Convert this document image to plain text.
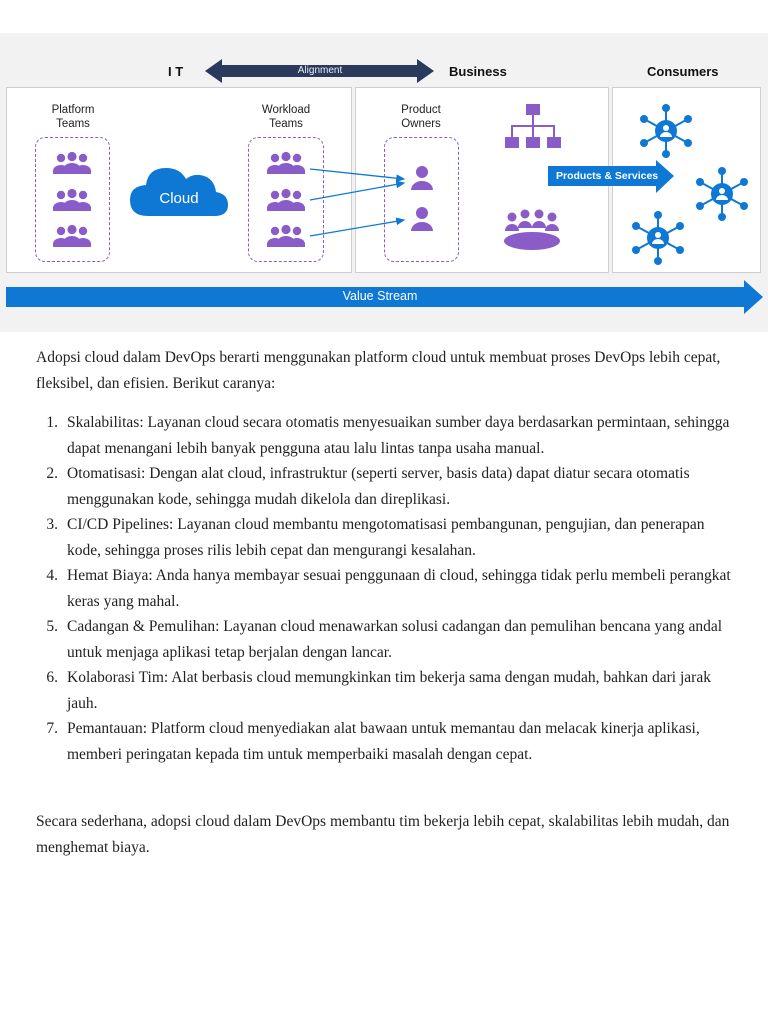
I T	Business	Consumers
Platform
Teams
Workload
Teams
Product
Owners
Cloud
Alignment
Products & Services
Value Stream

Adopsi cloud dalam DevOps berarti menggunakan platform cloud untuk membuat proses DevOps lebih cepat, fleksibel, dan efisien. Berikut caranya:

1. Skalabilitas: Layanan cloud secara otomatis menyesuaikan sumber daya berdasarkan permintaan, sehingga dapat menangani lebih banyak pengguna atau lalu lintas tanpa usaha manual.
2. Otomatisasi: Dengan alat cloud, infrastruktur (seperti server, basis data) dapat diatur secara otomatis menggunakan kode, sehingga mudah dikelola dan direplikasi.
3. CI/CD Pipelines: Layanan cloud membantu mengotomatisasi pembangunan, pengujian, dan penerapan kode, sehingga proses rilis lebih cepat dan mengurangi kesalahan.
4. Hemat Biaya: Anda hanya membayar sesuai penggunaan di cloud, sehingga tidak perlu membeli perangkat keras yang mahal.
5. Cadangan & Pemulihan: Layanan cloud menawarkan solusi cadangan dan pemulihan bencana yang andal untuk menjaga aplikasi tetap berjalan dengan lancar.
6. Kolaborasi Tim: Alat berbasis cloud memungkinkan tim bekerja sama dengan mudah, bahkan dari jarak jauh.
7. Pemantauan: Platform cloud menyediakan alat bawaan untuk memantau dan melacak kinerja aplikasi, memberi peringatan kepada tim untuk memperbaiki masalah dengan cepat.

Secara sederhana, adopsi cloud dalam DevOps membantu tim bekerja lebih cepat, skalabilitas lebih mudah, dan menghemat biaya.
